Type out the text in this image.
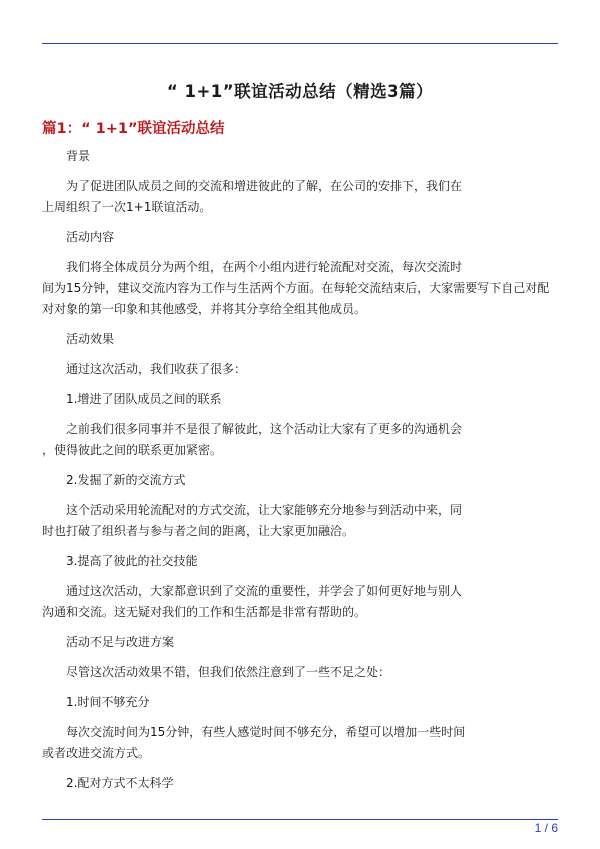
“ 1+1”联谊活动总结（精选3篇）
篇1：“ 1+1”联谊活动总结

背景

为了促进团队成员之间的交流和增进彼此的了解，在公司的安排下，我们在
上周组织了一次1+1联谊活动。

活动内容

我们将全体成员分为两个组，在两个小组内进行轮流配对交流，每次交流时
间为15分钟，建议交流内容为工作与生活两个方面。在每轮交流结束后，大家需要写下自己对配
对对象的第一印象和其他感受，并将其分享给全组其他成员。

活动效果

通过这次活动，我们收获了很多：

1.增进了团队成员之间的联系

之前我们很多同事并不是很了解彼此，这个活动让大家有了更多的沟通机会
，使得彼此之间的联系更加紧密。

2.发掘了新的交流方式

这个活动采用轮流配对的方式交流，让大家能够充分地参与到活动中来，同
时也打破了组织者与参与者之间的距离，让大家更加融洽。

3.提高了彼此的社交技能

通过这次活动，大家都意识到了交流的重要性，并学会了如何更好地与别人
沟通和交流。这无疑对我们的工作和生活都是非常有帮助的。

活动不足与改进方案

尽管这次活动效果不错，但我们依然注意到了一些不足之处：

1.时间不够充分

每次交流时间为15分钟，有些人感觉时间不够充分，希望可以增加一些时间
或者改进交流方式。

2.配对方式不太科学

1 / 6
